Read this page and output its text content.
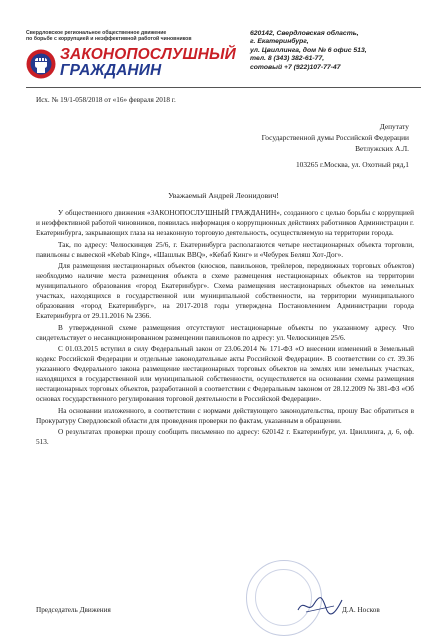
Свердловское региональное общественное движение
по борьбе с коррупцией и неэффективной работой чиновников
ЗАКОНОПОСЛУШНЫЙ
ГРАЖДАНИН
620142, Свердловская область,
г. Екатеринбург,
ул. Цвиллинга, дом № 6 офис 513,
тел. 8 (343) 382-61-77,
сотовый +7 (922)107-77-47
Исх. № 19/1-058/2018 от «16» февраля 2018 г.
Депутату
Государственной думы Российской Федерации
Ветлужских А.Л.
103265 г.Москва, ул. Охотный ряд,1
Уважаемый Андрей Леонидович!

У общественного движения «ЗАКОНОПОСЛУШНЫЙ ГРАЖДАНИН», созданного с целью борьбы с коррупцией и неэффективной работой чиновников, появилась информация о коррупционных действиях работников Администрации г. Екатеринбурга, закрывающих глаза на незаконную торговую деятельность, осуществляемую на территории города.

Так, по адресу: Челюскинцев 25/6, г. Екатеринбурга располагаются четыре нестационарных объекта торговли, павильоны с вывеской «Kebab King», «Шашлык BBQ», «Кебаб Кинг» и «Чебурек Беляш Хот-Дог».

Для размещения нестационарных объектов (киосков, павильонов, трейлеров, передвижных торговых объектов) необходимо наличие места размещения объекта в схеме размещения нестационарных объектов на территории муниципального образования «город Екатеринбург». Схема размещения нестационарных объектов на земельных участках, находящихся в государственной или муниципальной собственности, на территории муниципального образования «город Екатеринбург», на 2017-2018 годы утверждена Постановлением Администрации города Екатеринбурга от 29.11.2016 № 2366.

В утвержденной схеме размещения отсутствуют нестационарные объекты по указанному адресу. Что свидетельствует о несанкционированном размещении павильонов по адресу: ул. Челюскинцев 25/6.

С 01.03.2015 вступил в силу Федеральный закон от 23.06.2014 № 171-ФЗ «О внесении изменений в Земельный кодекс Российской Федерации и отдельные законодательные акты Российской Федерации». В соответствии со ст. 39.36 указанного Федерального закона размещение нестационарных торговых объектов на землях или земельных участках, находящихся в государственной или муниципальной собственности, осуществляется на основании схемы размещения нестационарных торговых объектов, разработанной в соответствии с Федеральным законом от 28.12.2009 № 381-ФЗ «Об основах государственного регулирования торговой деятельности в Российской Федерации».

На основании изложенного, в соответствии с нормами действующего законодательства, прошу Вас обратиться в Прокуратуру Свердловской области для проведения проверки по фактам, указанным в обращении.

О результатах проверки прошу сообщить письменно по адресу: 620142 г. Екатеринбург, ул. Цвиллинга, д. 6, оф. 513.

Председатель Движения	Д.А. Носков
